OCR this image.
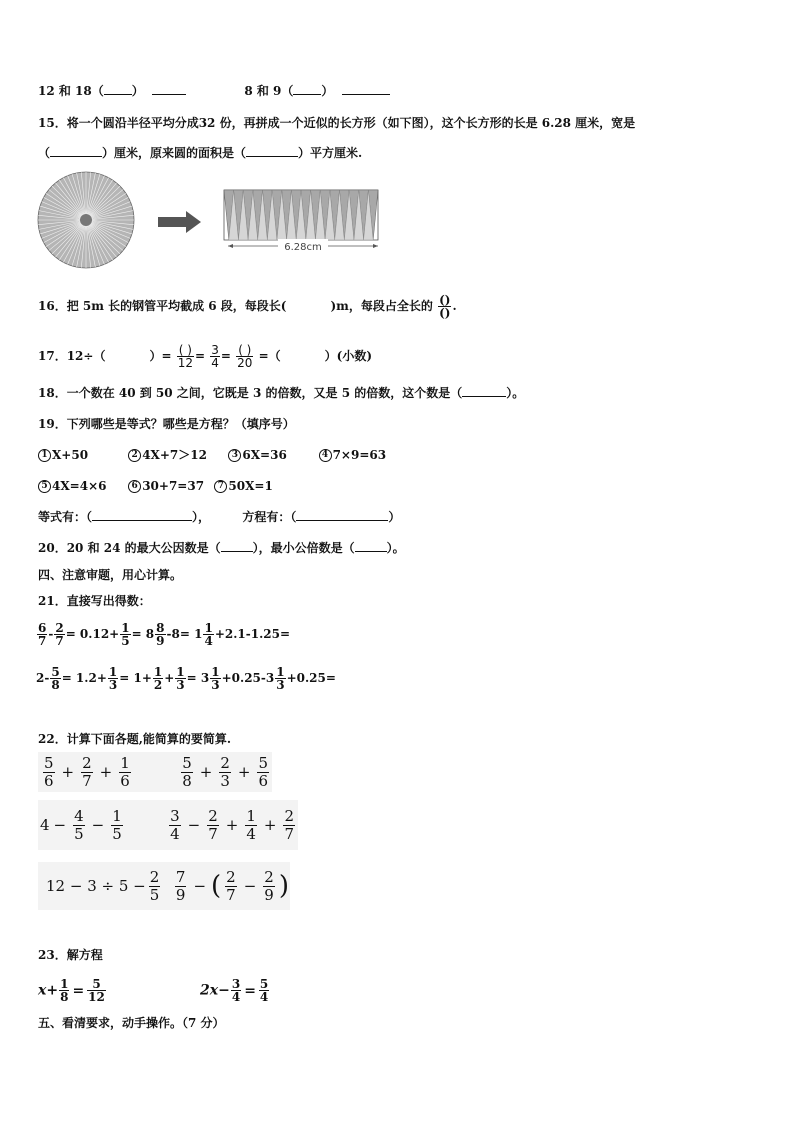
12 和 18（ ）	8 和 9（ ）
15．将一个圆沿半径平均分成32 份，再拼成一个近似的长方形（如下图），这个长方形的长是 6.28 厘米，宽是
（	）厘米，原来圆的面积是（	）平方厘米.
6.28cm
16．把 5m 长的钢管平均截成 6 段，每段长(	)m，每段占全长的 $\frac{()}{()}$ .
17．12÷（	）= $\frac{( )}{12} = \frac{3}{4} = \frac{( )}{20}$ =（	）(小数)
18．一个数在 40 到 50 之间，它既是 3 的倍数，又是 5 的倍数，这个数是（	）。
19．下列哪些是等式？哪些是方程？（填序号）
1 X+50	2 4X+7＞12	3 6X=36	4 7×9=63
5 4X=4×6	6 30+7=37 7 50X=1
等式有：（	），	方程有：（	）
20．20 和 24 的最大公因数是（	），最小公倍数是（	）。
四、注意审题，用心计算。
21．直接写出得数：
$\frac{6}{7} - \frac{2}{7} = 0.12+ \frac{1}{5} = 8 \frac{8}{9} -8= 1 \frac{1}{4} +2.1-1.25=$
$2- \frac{5}{8} = 1.2+ \frac{1}{3} = 1+ \frac{1}{2} + \frac{1}{3} = 3 \frac{1}{3} +0.25-3 \frac{1}{3} +0.25=$
22．计算下面各题,能简算的要简算.
$\frac{5}{6} + \frac{2}{7} + \frac{1}{6}$	$\frac{5}{8} + \frac{2}{3} + \frac{5}{6}$
$4 - \frac{4}{5} - \frac{1}{5}$	$\frac{3}{4} - \frac{2}{7} + \frac{1}{4} + \frac{2}{7}$
$12 - 3 \div 5 - \frac{2}{5} \frac{7}{9}$ − ( $\frac{2}{7} - \frac{2}{9}$ )
23．解方程
$x+ \frac{1}{8} = \frac{5}{12}$	$2x- \frac{3}{4} = \frac{5}{4}$
五、看清要求，动手操作。（7 分）
